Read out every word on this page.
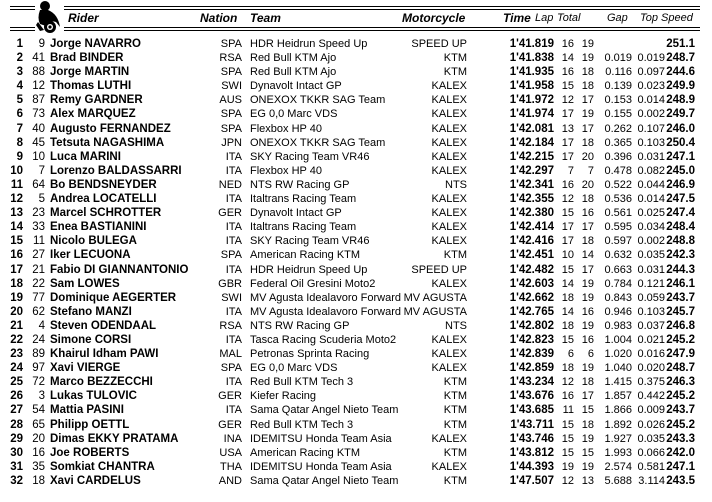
Rider	Nation Team	Motorcycle	Time Lap Total Gap Top Speed
1	9 Jorge NAVARRO	SPA HDR Heidrun Speed Up	SPEED UP	1'41.819 16 19	251.1
2 41 Brad BINDER	RSA Red Bull KTM Ajo	KTM	1'41.838 14 19 0.019 0.019 248.7
3 88 Jorge MARTIN	SPA Red Bull KTM Ajo	KTM	1'41.935 16 18	0.116 0.097 244.6
4 12 Thomas LUTHI	SWI Dynavolt Intact GP	KALEX	1'41.958 15 18 0.139 0.023 249.9
5 87 Remy GARDNER	AUS ONEXOX TKKR SAG Team	KALEX	1'41.972 12 17 0.153 0.014 248.9
6 73 Alex MARQUEZ	SPA EG 0,0 Marc VDS	KALEX	1'41.974 17 19 0.155 0.002 249.7
7 40 Augusto FERNANDEZ	SPA Flexbox HP 40	KALEX	1'42.081 13 17 0.262 0.107 246.0
8 45 Tetsuta NAGASHIMA	JPN ONEXOX TKKR SAG Team	KALEX	1'42.184 17 18 0.365 0.103 250.4
9 10 Luca MARINI	ITA SKY Racing Team VR46	KALEX	1'42.215 17 20 0.396 0.031 247.1
10	7 Lorenzo BALDASSARRI	ITA Flexbox HP 40	KALEX	1'42.297	7	7 0.478 0.082 245.0
11 64 Bo BENDSNEYDER	NED NTS RW Racing GP	NTS	1'42.341 16 20 0.522 0.044 246.9
12	5 Andrea LOCATELLI	ITA Italtrans Racing Team	KALEX	1'42.355 12 18 0.536 0.014 247.5
13 23 Marcel SCHROTTER	GER Dynavolt Intact GP	KALEX	1'42.380 15 16 0.561 0.025 247.4
14 33 Enea BASTIANINI	ITA Italtrans Racing Team	KALEX	1'42.414 17 17 0.595 0.034 248.4
15 11 Nicolo BULEGA	ITA SKY Racing Team VR46	KALEX	1'42.416 17 18 0.597 0.002 248.8
16 27 Iker LECUONA	SPA American Racing KTM	KTM	1'42.451 10 14 0.632 0.035 242.3
17 21 Fabio DI GIANNANTONIO	ITA HDR Heidrun Speed Up	SPEED UP	1'42.482 15 17 0.663 0.031 244.3
18 22 Sam LOWES	GBR Federal Oil Gresini Moto2	KALEX	1'42.603 14 19 0.784 0.121 246.1
19 77 Dominique AEGERTER	SWI MV Agusta Idealavoro Forward MV AGUSTA	1'42.662 18 19 0.843 0.059 243.7
20 62 Stefano MANZI	ITA MV Agusta Idealavoro Forward MV AGUSTA	1'42.765 14 16 0.946 0.103 245.7
21	4 Steven ODENDAAL	RSA NTS RW Racing GP	NTS	1'42.802 18 19 0.983 0.037 246.8
22 24 Simone CORSI	ITA Tasca Racing Scuderia Moto2	KALEX	1'42.823 15 16 1.004 0.021 245.2
23 89 Khairul Idham PAWI	MAL Petronas Sprinta Racing	KALEX	1'42.839	6	6 1.020 0.016 247.9
24 97 Xavi VIERGE	SPA EG 0,0 Marc VDS	KALEX	1'42.859 18 19 1.040 0.020 248.7
25 72 Marco BEZZECCHI	ITA Red Bull KTM Tech 3	KTM	1'43.234 12 18 1.415 0.375 246.3
26	3 Lukas TULOVIC	GER Kiefer Racing	KTM	1'43.676 16 17 1.857 0.442 245.2
27 54 Mattia PASINI	ITA Sama Qatar Angel Nieto Team	KTM	1'43.685 11 15 1.866 0.009 243.7
28 65 Philipp OETTL	GER Red Bull KTM Tech 3	KTM	1'43.711 15 18 1.892 0.026 245.2
29 20 Dimas EKKY PRATAMA	INA IDEMITSU Honda Team Asia	KALEX	1'43.746 15 19 1.927 0.035 243.3
30 16 Joe ROBERTS	USA American Racing KTM	KTM	1'43.812 15 15 1.993 0.066 242.0
31 35 Somkiat CHANTRA	THA IDEMITSU Honda Team Asia	KALEX	1'44.393 19 19 2.574 0.581 247.1
32 18 Xavi CARDELUS	AND Sama Qatar Angel Nieto Team	KTM	1'47.507 12 13 5.688 3.114 243.5
